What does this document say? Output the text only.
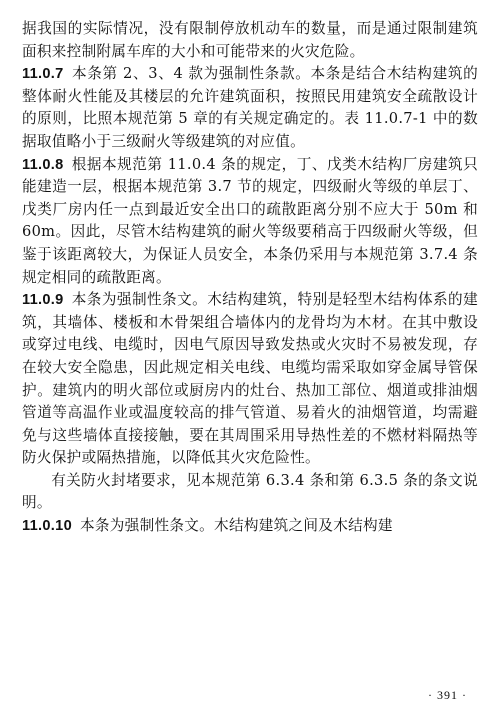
据我国的实际情况，没有限制停放机动车的数量，而是通过限制建筑面积来控制附属车库的大小和可能带来的火灾危险。

11.0.7 本条第 2、3、4 款为强制性条款。本条是结合木结构建筑的整体耐火性能及其楼层的允许建筑面积，按照民用建筑安全疏散设计的原则，比照本规范第 5 章的有关规定确定的。表 11.0.7-1 中的数据取值略小于三级耐火等级建筑的对应值。

11.0.8 根据本规范第 11.0.4 条的规定，丁、戊类木结构厂房建筑只能建造一层，根据本规范第 3.7 节的规定，四级耐火等级的单层丁、戊类厂房内任一点到最近安全出口的疏散距离分别不应大于 50m 和 60m。因此，尽管木结构建筑的耐火等级要稍高于四级耐火等级，但鉴于该距离较大，为保证人员安全，本条仍采用与本规范第 3.7.4 条规定相同的疏散距离。

11.0.9 本条为强制性条文。木结构建筑，特别是轻型木结构体系的建筑，其墙体、楼板和木骨架组合墙体内的龙骨均为木材。在其中敷设或穿过电线、电缆时，因电气原因导致发热或火灾时不易被发现，存在较大安全隐患，因此规定相关电线、电缆均需采取如穿金属导管保护。建筑内的明火部位或厨房内的灶台、热加工部位、烟道或排油烟管道等高温作业或温度较高的排气管道、易着火的油烟管道，均需避免与这些墙体直接接触，要在其周围采用导热性差的不燃材料隔热等防火保护或隔热措施，以降低其火灾危险性。

有关防火封堵要求，见本规范第 6.3.4 条和第 6.3.5 条的条文说明。

11.0.10 本条为强制性条文。木结构建筑之间及木结构建

· 391 ·
